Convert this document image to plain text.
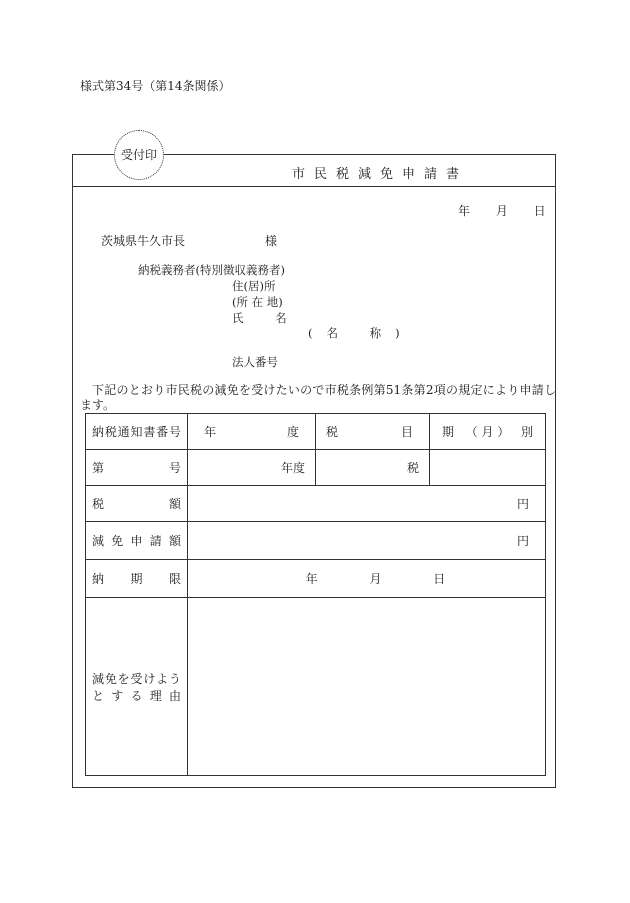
様式第34号（第14条関係）
受付印
市民税減免申請書
年 月 日
茨城県牛久市長	様
納税義務者(特別徴収義務者)
住(居)所
(所 在 地)
氏 名
(名 称)
法人番号
下記のとおり市民税の減免を受けたいので市税条例第51条第2項の規定により申請します。
納税通知書番号	年 度	税 目	期 （月） 別

第 号	年度	税	
税額	円		
減免申請額	円		
納期限	年 月 日		

減免を受けよう
とする理由			
